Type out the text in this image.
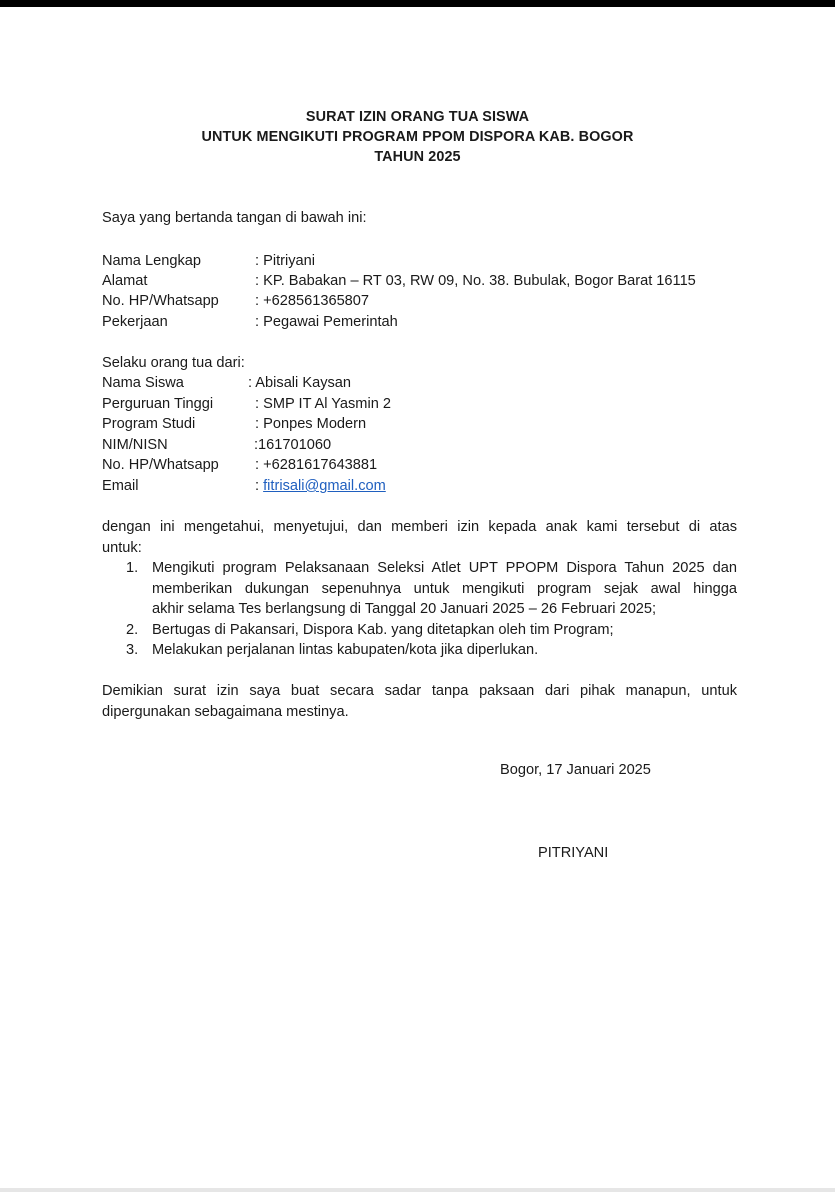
SURAT IZIN ORANG TUA SISWA
UNTUK MENGIKUTI PROGRAM PPOM DISPORA KAB. BOGOR
TAHUN 2025
Saya yang bertanda tangan di bawah ini:
Nama Lengkap	: Pitriyani
Alamat	: KP. Babakan – RT 03, RW 09, No. 38. Bubulak, Bogor Barat 16115
No. HP/Whatsapp : +628561365807
Pekerjaan	: Pegawai Pemerintah
Selaku orang tua dari:
Nama Siswa	: Abisali Kaysan
Perguruan Tinggi	: SMP IT Al Yasmin 2
Program Studi	: Ponpes Modern
NIM/NISN	:161701060
No. HP/Whatsapp : +6281617643881
Email	: fitrisali@gmail.com
dengan ini mengetahui, menyetujui, dan memberi izin kepada anak kami tersebut di atas
untuk:
1. Mengikuti program Pelaksanaan Seleksi Atlet UPT PPOPM Dispora Tahun 2025 dan
memberikan dukungan sepenuhnya untuk mengikuti program sejak awal hingga
akhir selama Tes berlangsung di Tanggal 20 Januari 2025 – 26 Februari 2025;
2. Bertugas di Pakansari, Dispora Kab. yang ditetapkan oleh tim Program;
3. Melakukan perjalanan lintas kabupaten/kota jika diperlukan.
Demikian surat izin saya buat secara sadar tanpa paksaan dari pihak manapun, untuk
dipergunakan sebagaimana mestinya.
Bogor, 17 Januari 2025
PITRIYANI
